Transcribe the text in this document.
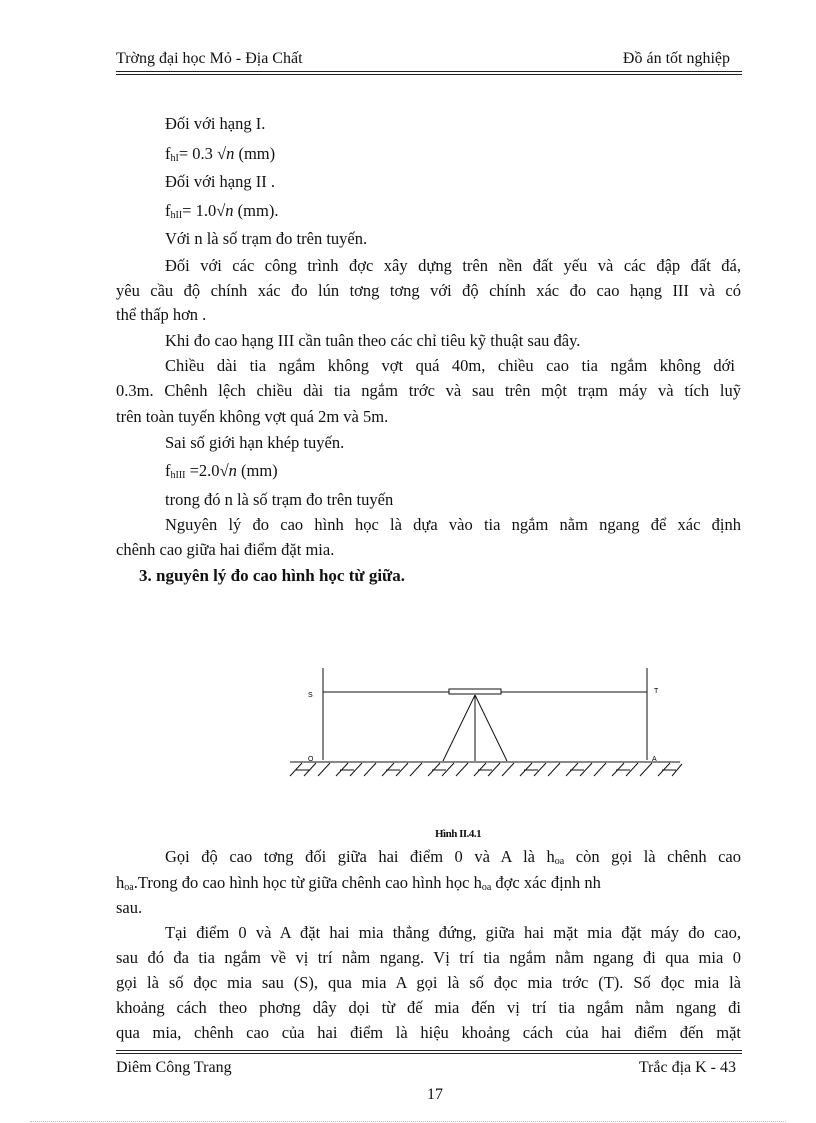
Trờng đại học Mỏ - Địa Chất	Đồ án tốt nghiệp
Đối với hạng I.
$f_{hI}= 0.3$ √n (mm)
Đối với hạng II .
$f_{hII}= 1.0√n$ (mm).
Với n là số trạm đo trên tuyến.
Đối với các công trình đợc xây dựng trên nền đất yếu và các đập đất đá,
yêu cầu độ chính xác đo lún tơng tơng với độ chính xác đo cao hạng III và có
thể thấp hơn .
Khi đo cao hạng III cần tuân theo các chỉ tiêu kỹ thuật sau đây.
Chiều dài tia ngắm không vợt quá 40m, chiều cao tia ngắm không dới
0.3m. Chênh lệch chiều dài tia ngắm trớc và sau trên một trạm máy và tích luỹ
trên toàn tuyến không vợt quá 2m và 5m.
Sai số giới hạn khép tuyến.
$f_{hIII} =2.0√n$ (mm)
trong đó n là số trạm đo trên tuyến
Nguyên lý đo cao hình học là dựa vào tia ngắm nằm ngang để xác định
chênh cao giữa hai điểm đặt mia.
3. nguyên lý đo cao hình học từ giữa.
S
T
O	A
Hình II.4.1
Gọi độ cao tơng đối giữa hai điểm 0 và A là $h_{oa}$ còn gọi là chênh cao
$h_{oa}.Trong$ đo cao hình học từ giữa chênh cao hình học $h_{oa}$ đợc xác định nh
sau.
Tại điểm 0 và A đặt hai mia thẳng đứng, giữa hai mặt mia đặt máy đo cao,
sau đó đa tia ngắm về vị trí nằm ngang. Vị trí tia ngắm nằm ngang đi qua mia 0
gọi là số đọc mia sau (S), qua mia A gọi là số đọc mia trớc (T). Số đọc mia là
khoảng cách theo phơng dây dọi từ đế mia đến vị trí tia ngắm nằm ngang đi
qua mia, chênh cao của hai điểm là hiệu khoảng cách của hai điểm đến mặt
Diêm Công Trang	Trắc địa K - 43
17
